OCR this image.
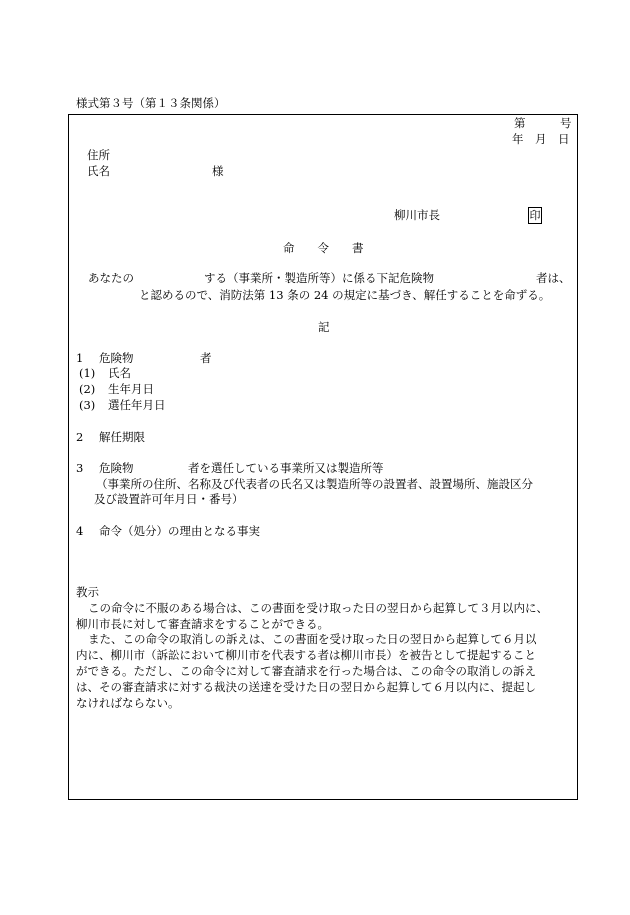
様式第３号（第１３条関係）
第　　　号
年　月　日
住所
氏名	様
柳川市長	印
命　　令　　書
あなたの	する（事業所・製造所等）に係る下記危険物	者は、
と認めるので、消防法第 13 条の 24 の規定に基づき、解任することを命ずる。
記
1 危険物	者
(1) 氏名
(2) 生年月日
(3) 選任年月日
2 解任期限
3 危険物	者を選任している事業所又は製造所等
（事業所の住所、名称及び代表者の氏名又は製造所等の設置者、設置場所、施設区分
及び設置許可年月日・番号）
4 命令（処分）の理由となる事実
教示
この命令に不服のある場合は、この書面を受け取った日の翌日から起算して３月以内に、
柳川市長に対して審査請求をすることができる。
また、この命令の取消しの訴えは、この書面を受け取った日の翌日から起算して６月以
内に、柳川市（訴訟において柳川市を代表する者は柳川市長）を被告として提起すること
ができる。ただし、この命令に対して審査請求を行った場合は、この命令の取消しの訴え
は、その審査請求に対する裁決の送達を受けた日の翌日から起算して６月以内に、提起し
なければならない。
